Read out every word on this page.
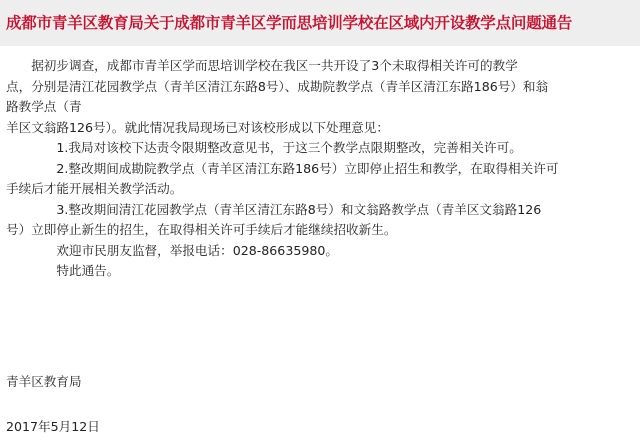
成都市青羊区教育局关于成都市青羊区学而思培训学校在区域内开设教学点问题通告

据初步调查，成都市青羊区学而思培训学校在我区一共开设了3个未取得相关许可的教学

点，分别是清江花园教学点（青羊区清江东路8号）、成勘院教学点（青羊区清江东路186号）和翁

路教学点（青

羊区文翁路126号）。就此情况我局现场已对该校形成以下处理意见：

1.我局对该校下达责令限期整改意见书，于这三个教学点限期整改，完善相关许可。

2.整改期间成勘院教学点（青羊区清江东路186号）立即停止招生和教学，在取得相关许可

手续后才能开展相关教学活动。

3.整改期间清江花园教学点（青羊区清江东路8号）和文翁路教学点（青羊区文翁路126

号）立即停止新生的招生，在取得相关许可手续后才能继续招收新生。

欢迎市民朋友监督，举报电话：028-86635980。

特此通告。

青羊区教育局
2017年5月12日
